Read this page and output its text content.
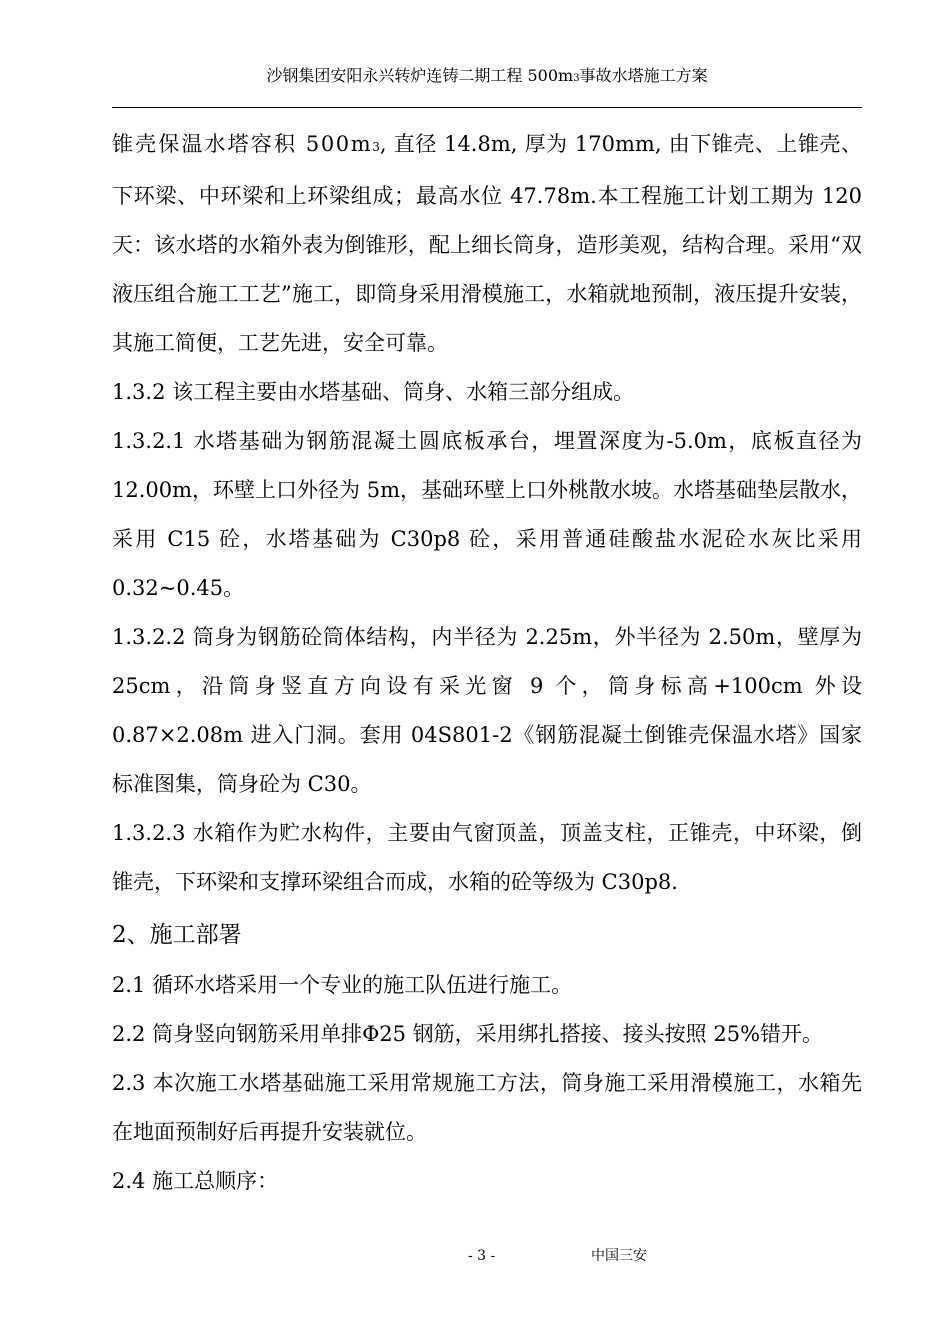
沙钢集团安阳永兴转炉连铸二期工程 500m3事故水塔施工方案

锥壳保温水塔容积 500m3, 直径 14.8m, 厚为 170mm, 由下锥壳、上锥壳、下环梁、中环梁和上环梁组成；最高水位 47.78m.本工程施工计划工期为 120 天：该水塔的水箱外表为倒锥形，配上细长筒身，造形美观，结构合理。采用“双液压组合施工工艺”施工，即筒身采用滑模施工，水箱就地预制，液压提升安装，其施工简便，工艺先进，安全可靠。

1.3.2 该工程主要由水塔基础、筒身、水箱三部分组成。

1.3.2.1 水塔基础为钢筋混凝土圆底板承台，埋置深度为-5.0m，底板直径为 12.00m，环壁上口外径为 5m，基础环壁上口外桃散水坡。水塔基础垫层散水，采用 C15 砼，水塔基础为 C30p8 砼，采用普通硅酸盐水泥砼水灰比采用 0.32~0.45。

1.3.2.2 筒身为钢筋砼筒体结构，内半径为 2.25m，外半径为 2.50m，壁厚为 25cm，沿筒身竖直方向设有采光窗 9 个，筒身标高+100cm 外设 0.87×2.08m 进入门洞。套用 04S801-2《钢筋混凝土倒锥壳保温水塔》国家标准图集，筒身砼为 C30。

1.3.2.3 水箱作为贮水构件，主要由气窗顶盖，顶盖支柱，正锥壳，中环梁，倒锥壳，下环梁和支撑环梁组合而成，水箱的砼等级为 C30p8.

2、施工部署

2.1 循环水塔采用一个专业的施工队伍进行施工。

2.2 筒身竖向钢筋采用单排Φ25 钢筋，采用绑扎搭接、接头按照 25%错开。

2.3 本次施工水塔基础施工采用常规施工方法，筒身施工采用滑模施工，水箱先在地面预制好后再提升安装就位。

2.4 施工总顺序：

- 3 -	中国三安
